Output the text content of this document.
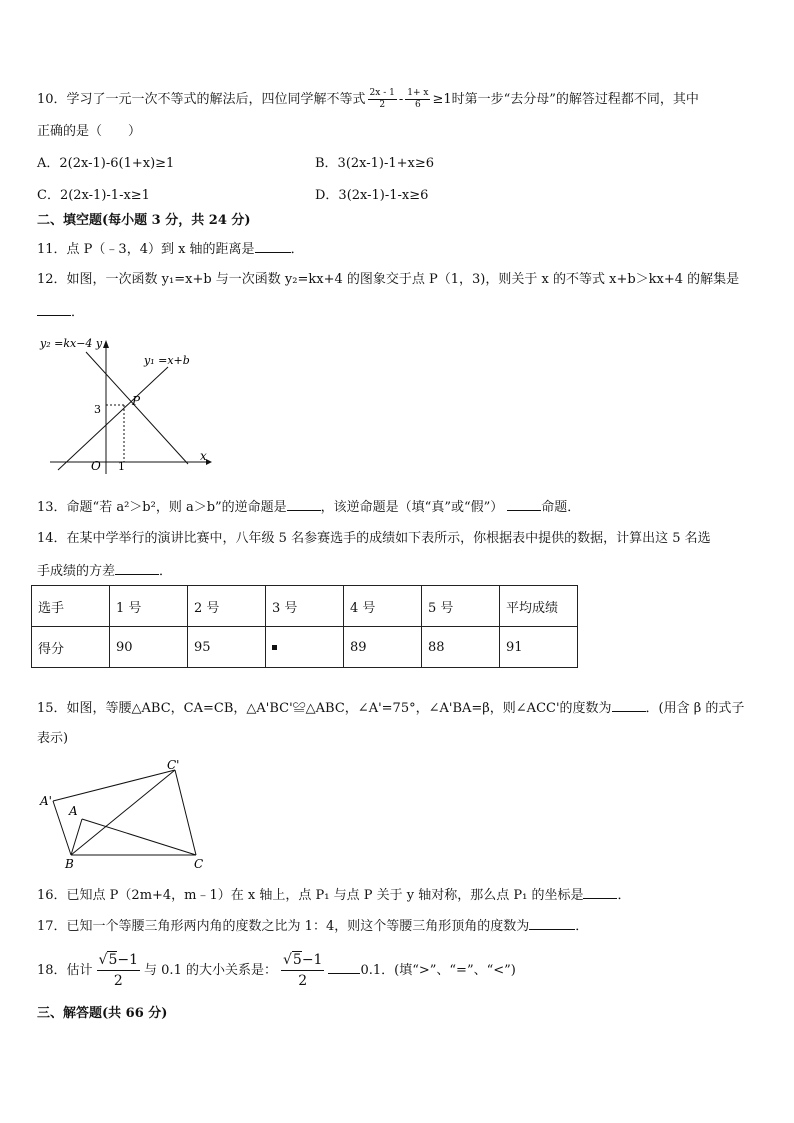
10．学习了一元一次不等式的解法后，四位同学解不等式 $\frac{2x - 1}{2} - \frac{1+ x}{6} \ge 1$时第一步“去分母”的解答过程都不同，其中
正确的是（　　）
A．2(2x-1)-6(1+x)≥1	B．3(2x-1)-1+x≥6
C．2(2x-1)-1-x≥1	D．3(2x-1)-1-x≥6
二、填空题(每小题 3 分，共 24 分)
11．点 P（﹣3，4）到 x 轴的距离是	．
12．如图，一次函数 y₁=x+b 与一次函数 y₂=kx+4 的图象交于点 P（1，3)，则关于 x 的不等式 x+b＞kx+4 的解集是
．
y₂ =kx−4 y
y₁ =x+b
P
3
O 1
x
13．命题“若 a²＞b²，则 a＞b”的逆命题是	，该逆命题是（填“真”或“假”）	命题．
14．在某中学举行的演讲比赛中，八年级 5 名参赛选手的成绩如下表所示，你根据表中提供的数据，计算出这 5 名选
手成绩的方差	．
选手	1 号	2 号	3 号	4 号	5 号	平均成绩
得分	90	95		89	88	91
15．如图，等腰△ABC，CA=CB，△A'BC'≌△ABC，∠A'=75°，∠A'BA=β，则∠ACC'的度数为	．(用含 β 的式子
表示)
C'
A'
A
B	C
16．已知点 P（2m+4，m﹣1）在 x 轴上，点 P₁ 与点 P 关于 y 轴对称，那么点 P₁ 的坐标是	．
17．已知一个等腰三角形两内角的度数之比为 1：4，则这个等腰三角形顶角的度数为	．
18．估计 $\frac{√5-1}{2}$ 与 0.1 的大小关系是： $\frac{√5-1}{2}$	0.1．(填“>”、“=”、“<”)
三、解答题(共 66 分)
